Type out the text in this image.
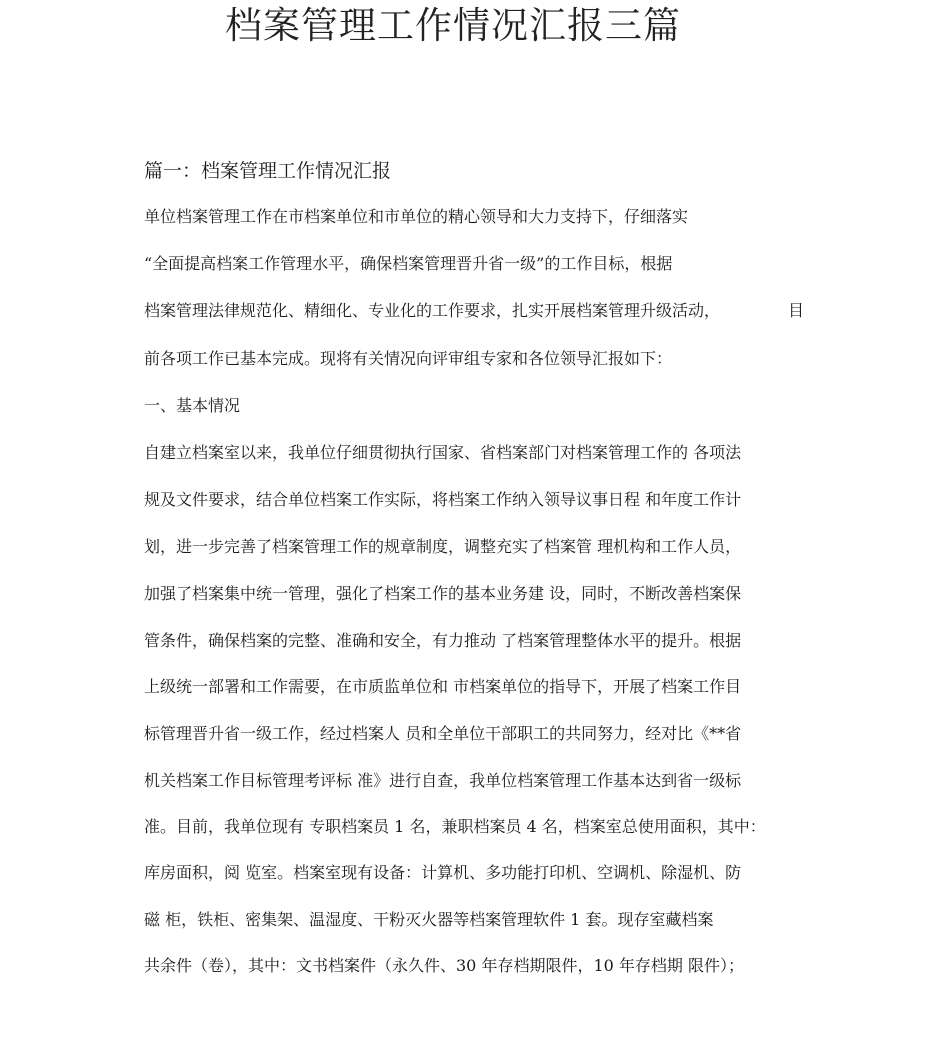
档案管理工作情况汇报三篇
篇一：档案管理工作情况汇报

单位档案管理工作在市档案单位和市单位的精心领导和大力支持下，仔细落实

“全面提高档案工作管理水平，确保档案管理晋升省一级”的工作目标，根据

档案管理法律规范化、精细化、专业化的工作要求，扎实开展档案管理升级活动，	目

前各项工作已基本完成。现将有关情况向评审组专家和各位领导汇报如下：

一、基本情况

自建立档案室以来，我单位仔细贯彻执行国家、省档案部门对档案管理工作的 各项法

规及文件要求，结合单位档案工作实际，将档案工作纳入领导议事日程 和年度工作计

划，进一步完善了档案管理工作的规章制度，调整充实了档案管 理机构和工作人员，

加强了档案集中统一管理，强化了档案工作的基本业务建 设，同时，不断改善档案保

管条件，确保档案的完整、准确和安全，有力推动 了档案管理整体水平的提升。根据

上级统一部署和工作需要，在市质监单位和 市档案单位的指导下，开展了档案工作目

标管理晋升省一级工作，经过档案人 员和全单位干部职工的共同努力，经对比《**省

机关档案工作目标管理考评标 准》进行自查，我单位档案管理工作基本达到省一级标

准。目前，我单位现有 专职档案员 1 名，兼职档案员 4 名，档案室总使用面积，其中：

库房面积，阅 览室。档案室现有设备：计算机、多功能打印机、空调机、除湿机、防

磁 柜，铁柜、密集架、温湿度、干粉灭火器等档案管理软件 1 套。现存室藏档案

共余件（卷），其中：文书档案件（永久件、30 年存档期限件，10 年存档期 限件）；
